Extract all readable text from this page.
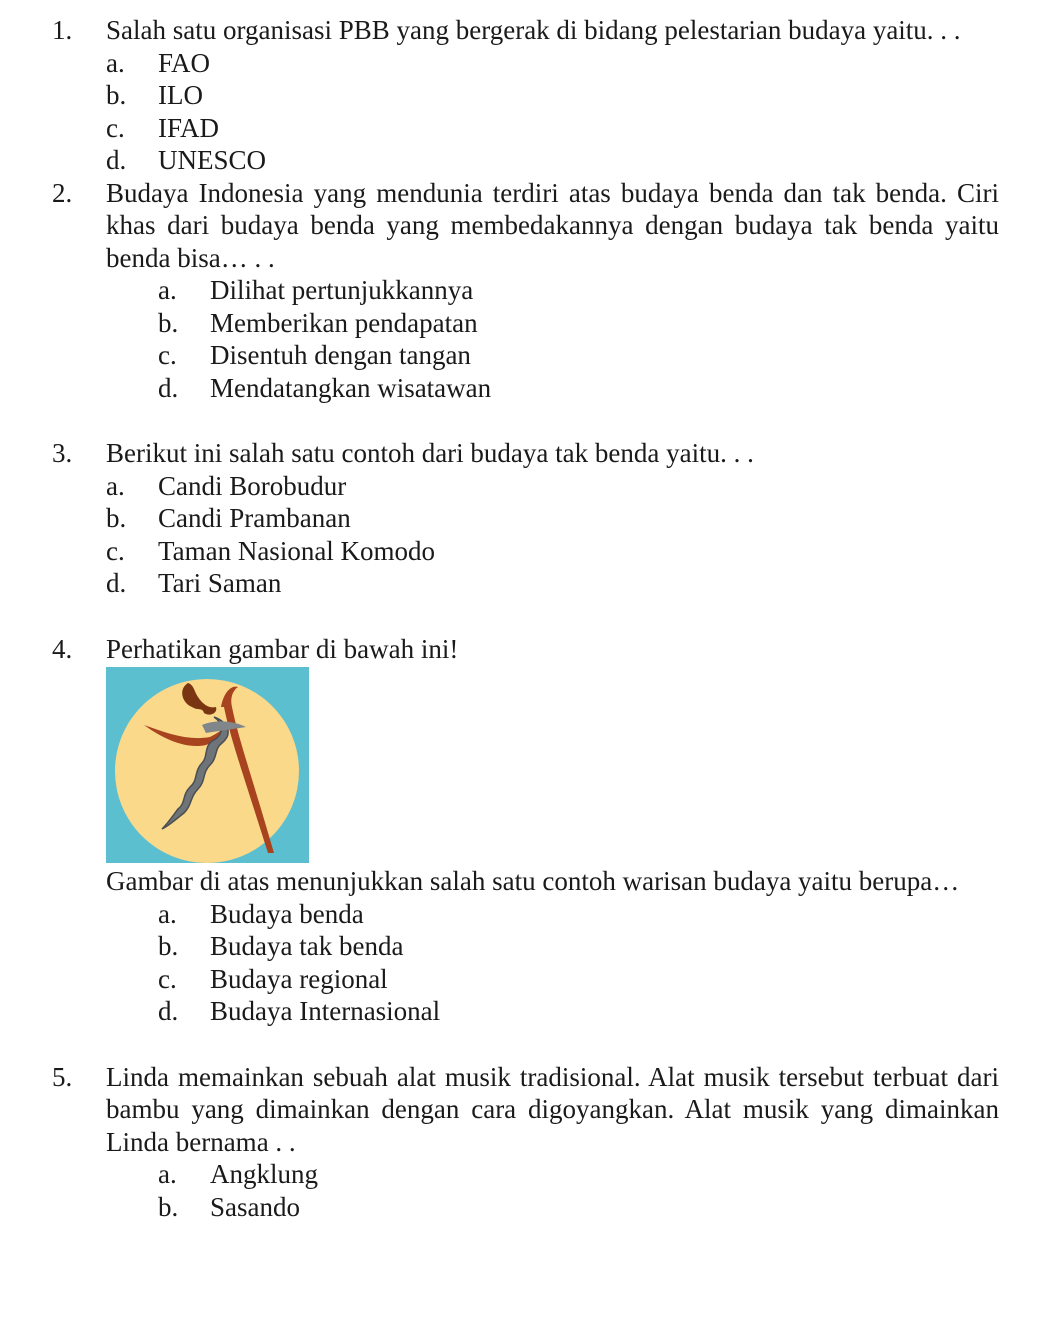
1.	Salah satu organisasi PBB yang bergerak di bidang pelestarian budaya yaitu. . .
a.	FAO
b.	ILO
c.	IFAD
d.	UNESCO
2.	Budaya Indonesia yang mendunia terdiri atas budaya benda dan tak benda. Ciri khas dari budaya benda yang membedakannya dengan budaya tak benda yaitu benda bisa… . .
a.	Dilihat pertunjukkannya
b.	Memberikan pendapatan
c.	Disentuh dengan tangan
d.	Mendatangkan wisatawan
3.	Berikut ini salah satu contoh dari budaya tak benda yaitu. . .
a.	Candi Borobudur
b.	Candi Prambanan
c.	Taman Nasional Komodo
d.	Tari Saman
4.	Perhatikan gambar di bawah ini!
Gambar di atas menunjukkan salah satu contoh warisan budaya yaitu berupa…
a.	Budaya benda
b.	Budaya tak benda
c.	Budaya regional
d.	Budaya Internasional
5.	Linda memainkan sebuah alat musik tradisional. Alat musik tersebut terbuat dari bambu yang dimainkan dengan cara digoyangkan. Alat musik yang dimainkan Linda bernama . .
a.	Angklung
b.	Sasando
